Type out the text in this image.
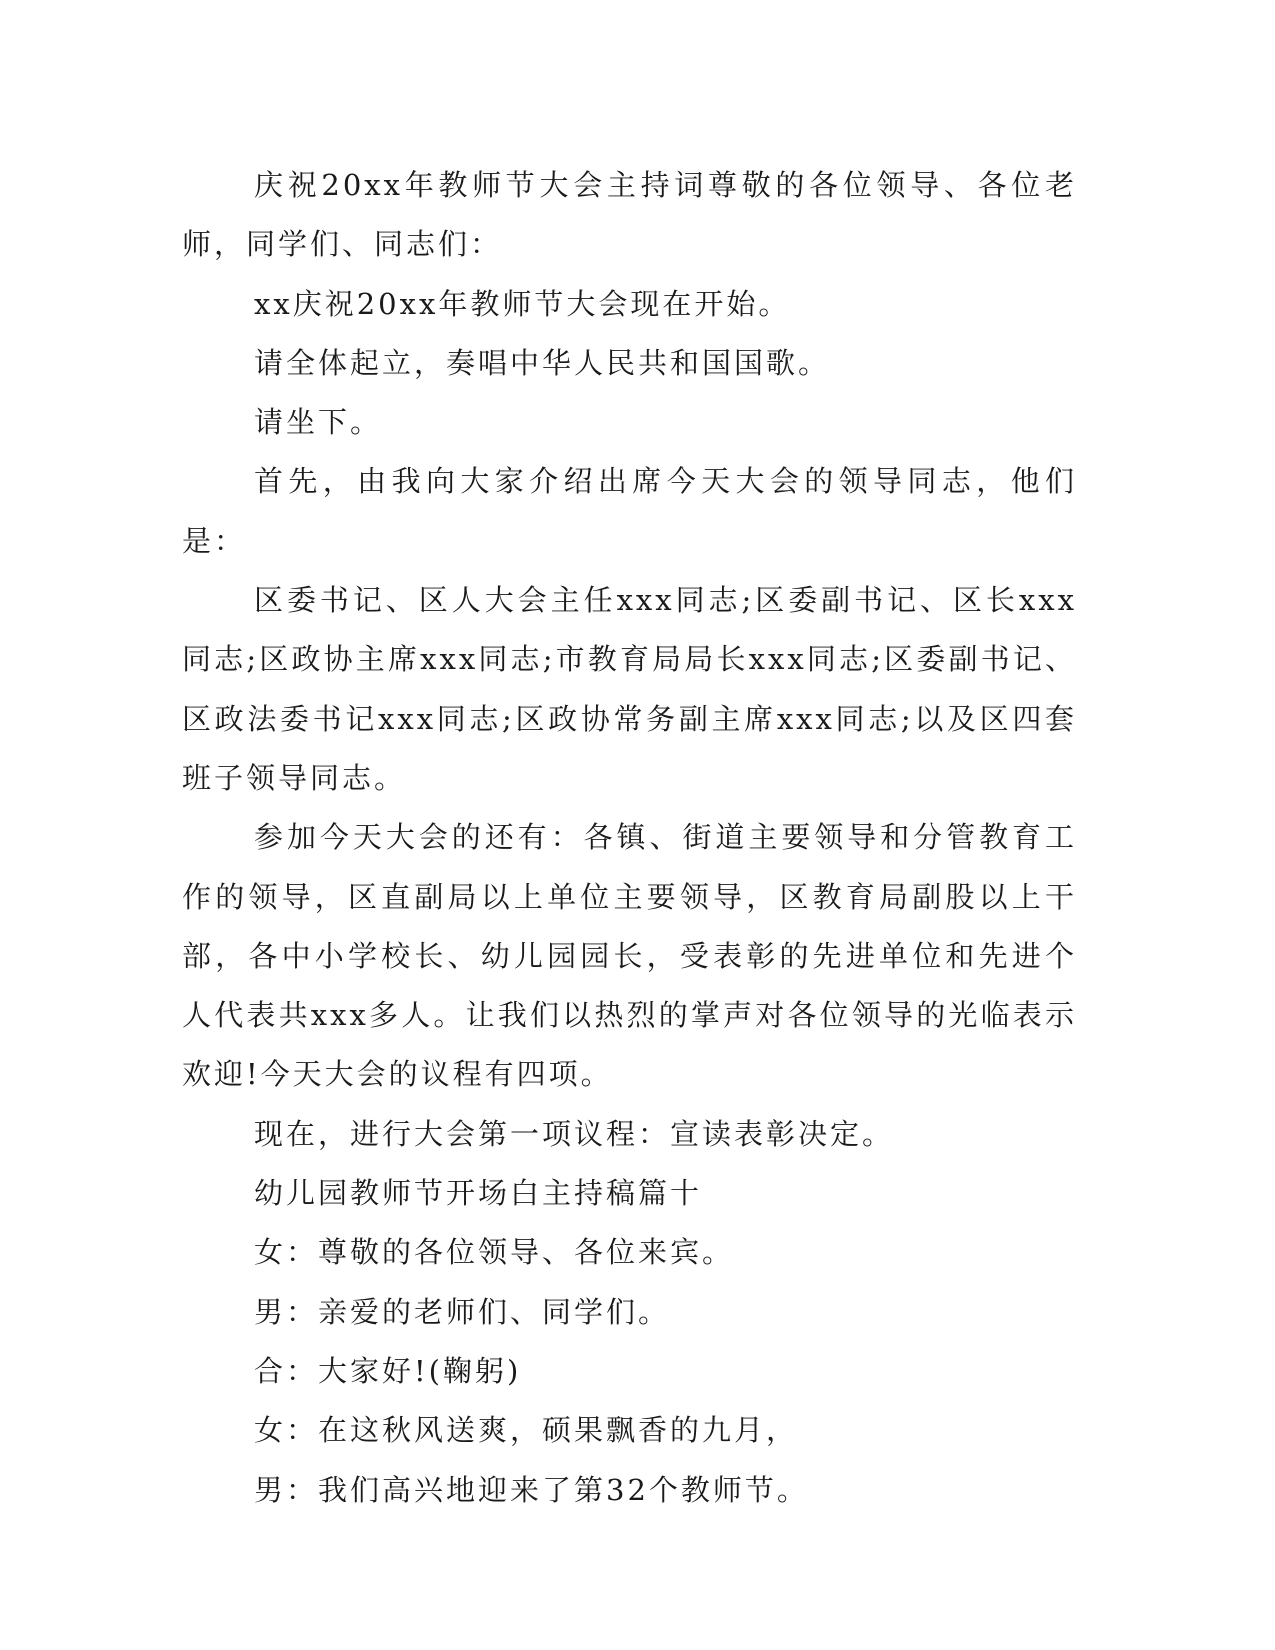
庆祝20xx年教师节大会主持词尊敬的各位领导、各位老师，同学们、同志们：

xx庆祝20xx年教师节大会现在开始。

请全体起立，奏唱中华人民共和国国歌。

请坐下。

首先，由我向大家介绍出席今天大会的领导同志，他们是：

区委书记、区人大会主任xxx同志;区委副书记、区长xxx同志;区政协主席xxx同志;市教育局局长xxx同志;区委副书记、区政法委书记xxx同志;区政协常务副主席xxx同志;以及区四套班子领导同志。

参加今天大会的还有：各镇、街道主要领导和分管教育工作的领导，区直副局以上单位主要领导，区教育局副股以上干部，各中小学校长、幼儿园园长，受表彰的先进单位和先进个人代表共xxx多人。让我们以热烈的掌声对各位领导的光临表示欢迎!今天大会的议程有四项。

现在，进行大会第一项议程：宣读表彰决定。

幼儿园教师节开场白主持稿篇十

女：尊敬的各位领导、各位来宾。

男：亲爱的老师们、同学们。

合：大家好!(鞠躬)

女：在这秋风送爽，硕果飘香的九月，

男：我们高兴地迎来了第32个教师节。
